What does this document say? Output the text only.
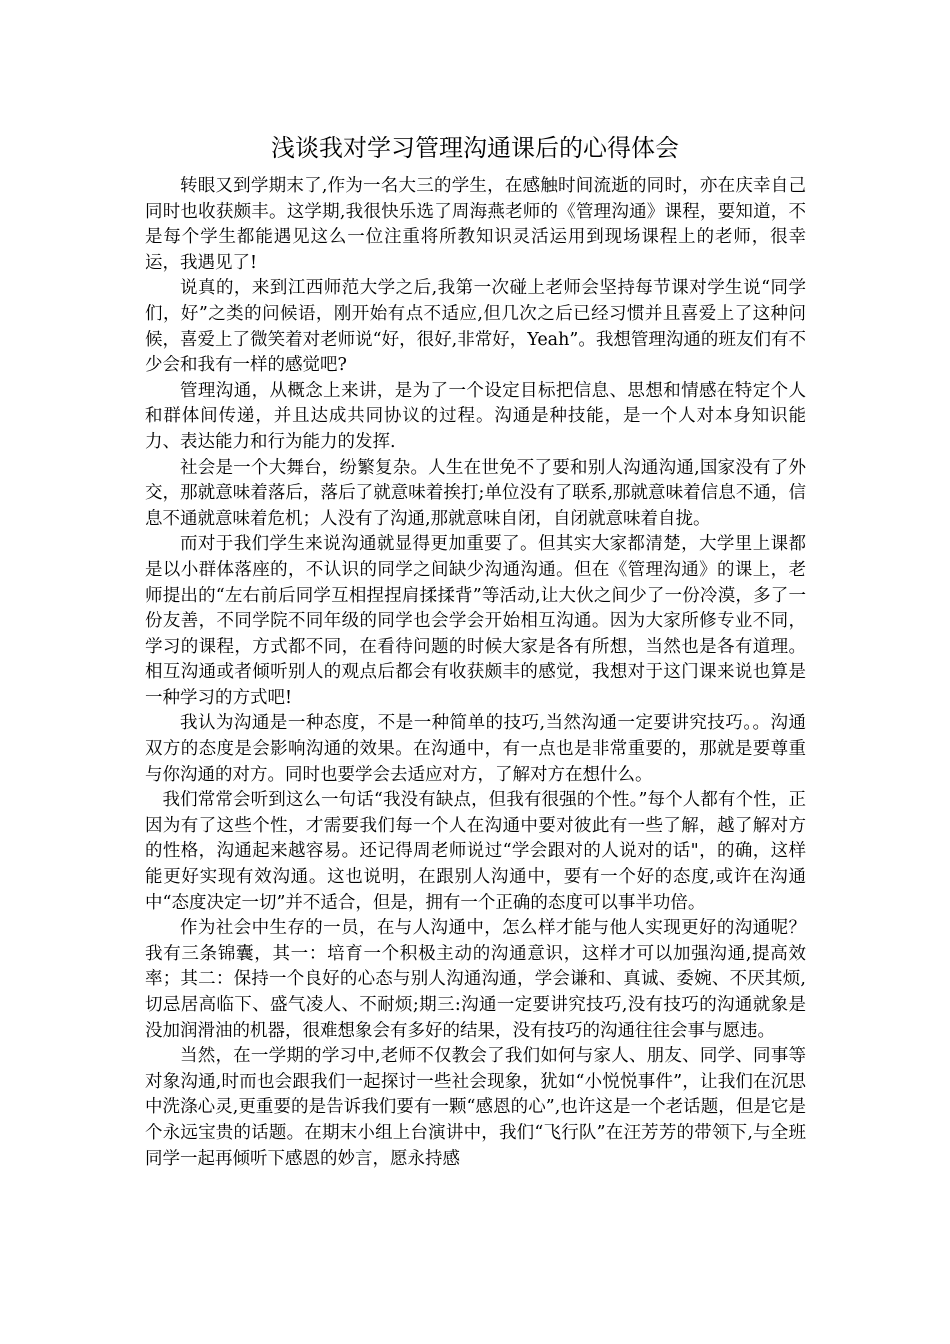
浅谈我对学习管理沟通课后的心得体会

转眼又到学期末了,作为一名大三的学生，在感触时间流逝的同时，亦在庆幸自己同时也收获颇丰。这学期,我很快乐选了周海燕老师的《管理沟通》课程，要知道，不是每个学生都能遇见这么一位注重将所教知识灵活运用到现场课程上的老师，很幸运，我遇见了!

说真的，来到江西师范大学之后,我第一次碰上老师会坚持每节课对学生说“同学们，好”之类的问候语，刚开始有点不适应,但几次之后已经习惯并且喜爱上了这种问候，喜爱上了微笑着对老师说“好，很好,非常好，Yeah”。我想管理沟通的班友们有不少会和我有一样的感觉吧?

管理沟通，从概念上来讲，是为了一个设定目标把信息、思想和情感在特定个人和群体间传递，并且达成共同协议的过程。沟通是种技能，是一个人对本身知识能力、表达能力和行为能力的发挥.

社会是一个大舞台，纷繁复杂。人生在世免不了要和别人沟通沟通,国家没有了外交，那就意味着落后，落后了就意味着挨打;单位没有了联系,那就意味着信息不通，信息不通就意味着危机；人没有了沟通,那就意味自闭，自闭就意味着自拢。

而对于我们学生来说沟通就显得更加重要了。但其实大家都清楚，大学里上课都是以小群体落座的，不认识的同学之间缺少沟通沟通。但在《管理沟通》的课上，老师提出的“左右前后同学互相捏捏肩揉揉背”等活动,让大伙之间少了一份冷漠，多了一份友善，不同学院不同年级的同学也会学会开始相互沟通。因为大家所修专业不同，学习的课程，方式都不同，在看待问题的时候大家是各有所想，当然也是各有道理。相互沟通或者倾听别人的观点后都会有收获颇丰的感觉，我想对于这门课来说也算是一种学习的方式吧!

我认为沟通是一种态度，不是一种简单的技巧,当然沟通一定要讲究技巧。。沟通双方的态度是会影响沟通的效果。在沟通中，有一点也是非常重要的，那就是要尊重与你沟通的对方。同时也要学会去适应对方，了解对方在想什么。

我们常常会听到这么一句话“我没有缺点，但我有很强的个性。”每个人都有个性，正因为有了这些个性，才需要我们每一个人在沟通中要对彼此有一些了解，越了解对方的性格，沟通起来越容易。还记得周老师说过“学会跟对的人说对的话"，的确，这样能更好实现有效沟通。这也说明，在跟别人沟通中，要有一个好的态度,或许在沟通中“态度决定一切”并不适合，但是，拥有一个正确的态度可以事半功倍。

作为社会中生存的一员，在与人沟通中，怎么样才能与他人实现更好的沟通呢？我有三条锦囊，其一：培育一个积极主动的沟通意识，这样才可以加强沟通,提高效率；其二：保持一个良好的心态与别人沟通沟通，学会谦和、真诚、委婉、不厌其烦,切忌居高临下、盛气凌人、不耐烦;期三:沟通一定要讲究技巧,没有技巧的沟通就象是没加润滑油的机器，很难想象会有多好的结果，没有技巧的沟通往往会事与愿违。

当然，在一学期的学习中,老师不仅教会了我们如何与家人、朋友、同学、同事等对象沟通,时而也会跟我们一起探讨一些社会现象，犹如“小悦悦事件”，让我们在沉思中洗涤心灵,更重要的是告诉我们要有一颗“感恩的心”,也许这是一个老话题，但是它是个永远宝贵的话题。在期末小组上台演讲中，我们“飞行队”在汪芳芳的带领下,与全班同学一起再倾听下感恩的妙言，愿永持感
